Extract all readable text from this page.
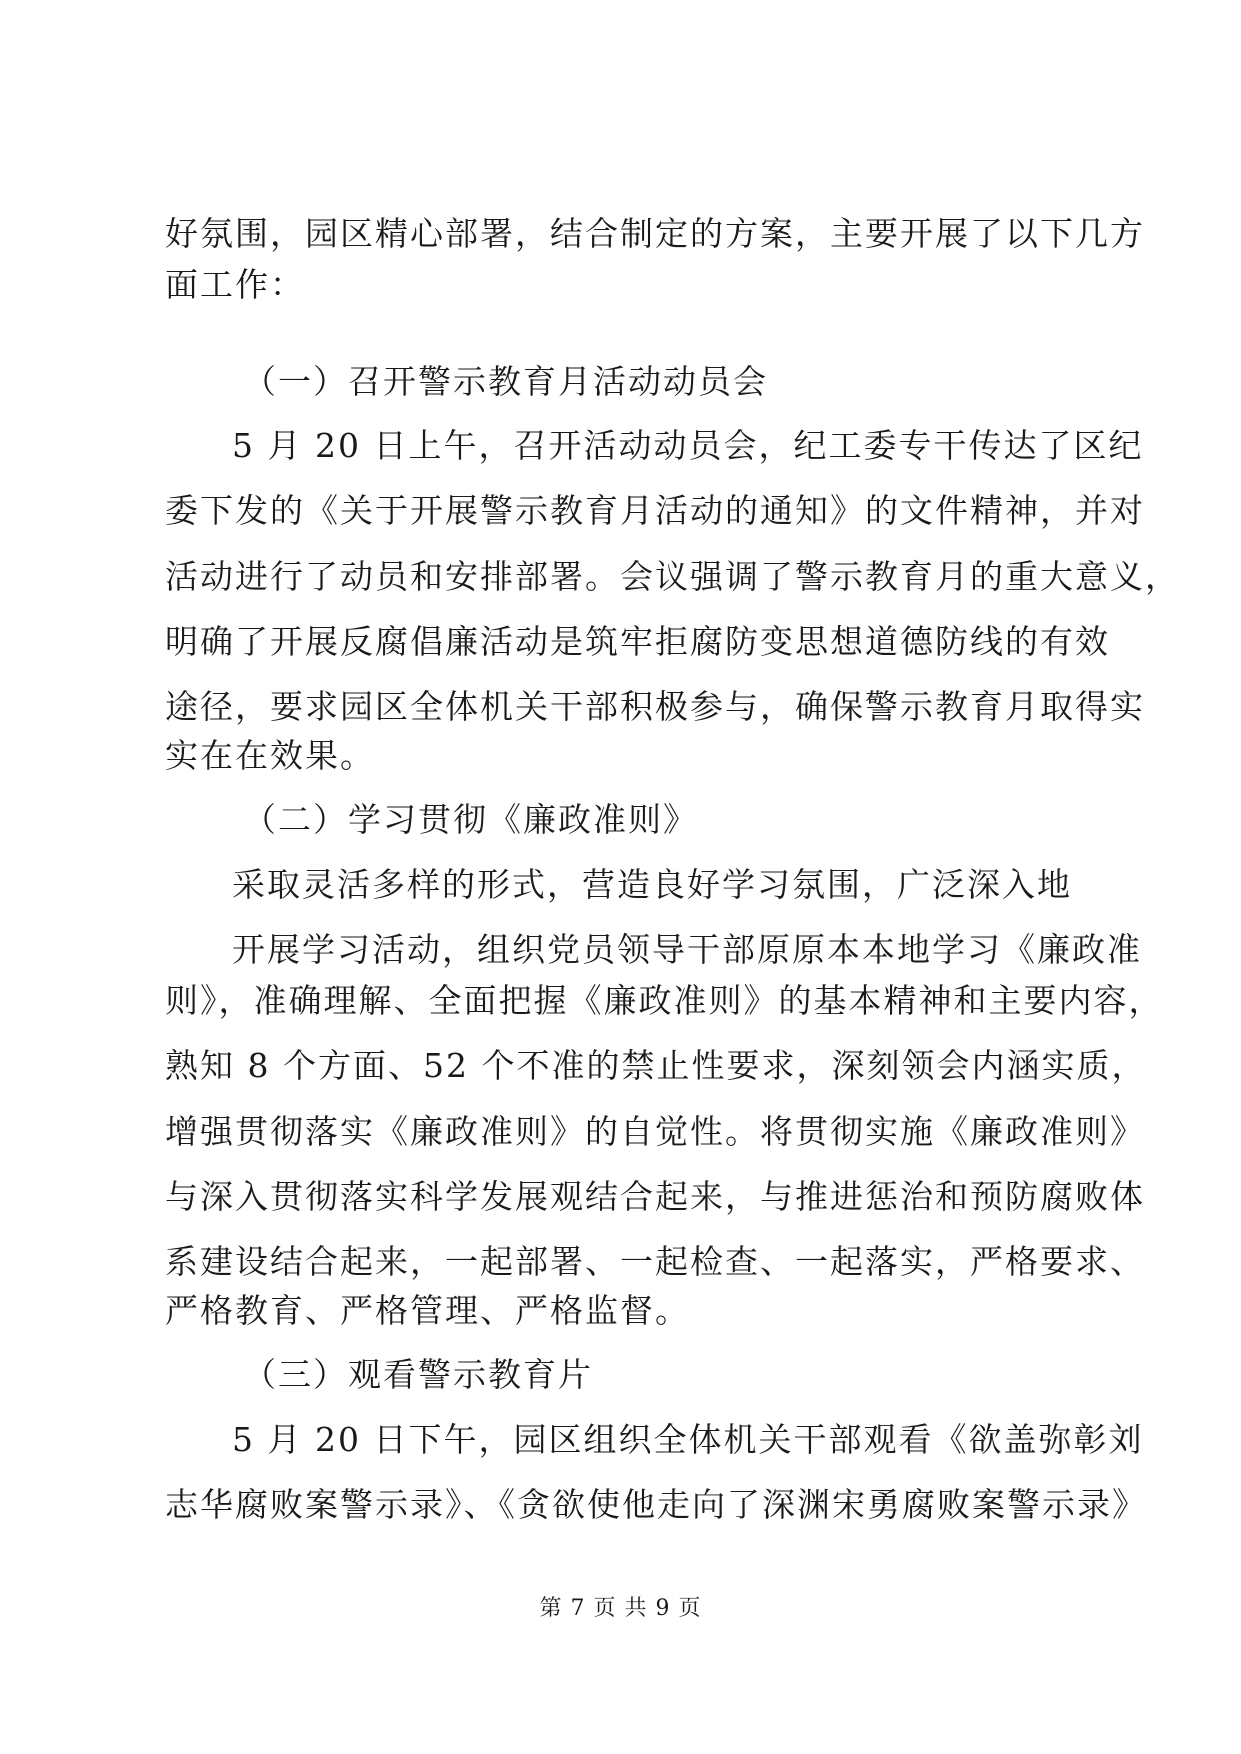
好氛围，园区精心部署，结合制定的方案，主要开展了以下几方
面工作：
（一）召开警示教育月活动动员会
5 月 20 日上午，召开活动动员会，纪工委专干传达了区纪
委下发的《关于开展警示教育月活动的通知》的文件精神，并对
活动进行了动员和安排部署。会议强调了警示教育月的重大意义，
明确了开展反腐倡廉活动是筑牢拒腐防变思想道德防线的有效
途径，要求园区全体机关干部积极参与，确保警示教育月取得实
实在在效果。
（二）学习贯彻《廉政准则》
采取灵活多样的形式，营造良好学习氛围，广泛深入地
开展学习活动，组织党员领导干部原原本本地学习《廉政准
则》，准确理解、全面把握《廉政准则》的基本精神和主要内容，
熟知 8 个方面、52 个不准的禁止性要求，深刻领会内涵实质，
增强贯彻落实《廉政准则》的自觉性。将贯彻实施《廉政准则》
与深入贯彻落实科学发展观结合起来，与推进惩治和预防腐败体
系建设结合起来，一起部署、一起检查、一起落实，严格要求、
严格教育、严格管理、严格监督。
（三）观看警示教育片
5 月 20 日下午，园区组织全体机关干部观看《欲盖弥彰刘
志华腐败案警示录》、《贪欲使他走向了深渊宋勇腐败案警示录》
第 7 页 共 9 页
